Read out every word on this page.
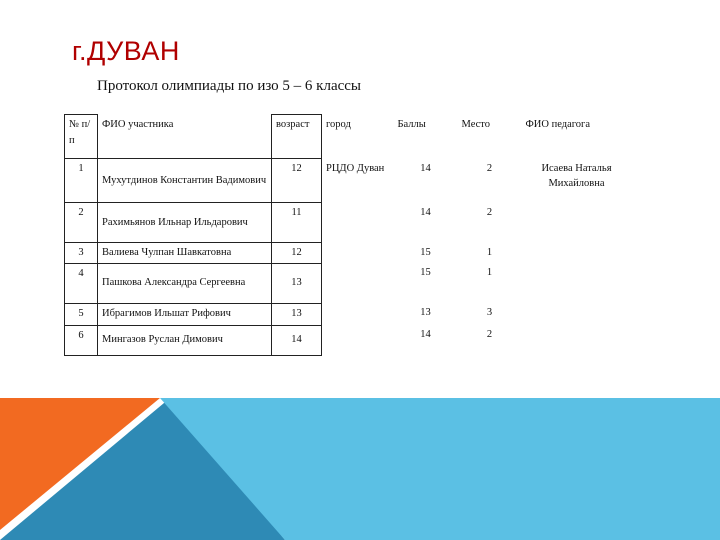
г.ДУВАН
Протокол олимпиады по изо 5 – 6 классы
№ п/п	ФИО участника	возраст	город	Баллы	Место	ФИО педагога
1	Мухутдинов Константин Вадимович	12	РЦДО Дуван	14	2	Исаева Наталья Михайловна
2	Рахимьянов Ильнар Ильдарович	11		14	2	
3	Валиева Чулпан Шавкатовна	12		15	1	
4	Пашкова Александра Сергеевна	13		15	1	
5	Ибрагимов Ильшат Рифович	13		13	3	
6	Мингазов Руслан Димович	14		14	2	
